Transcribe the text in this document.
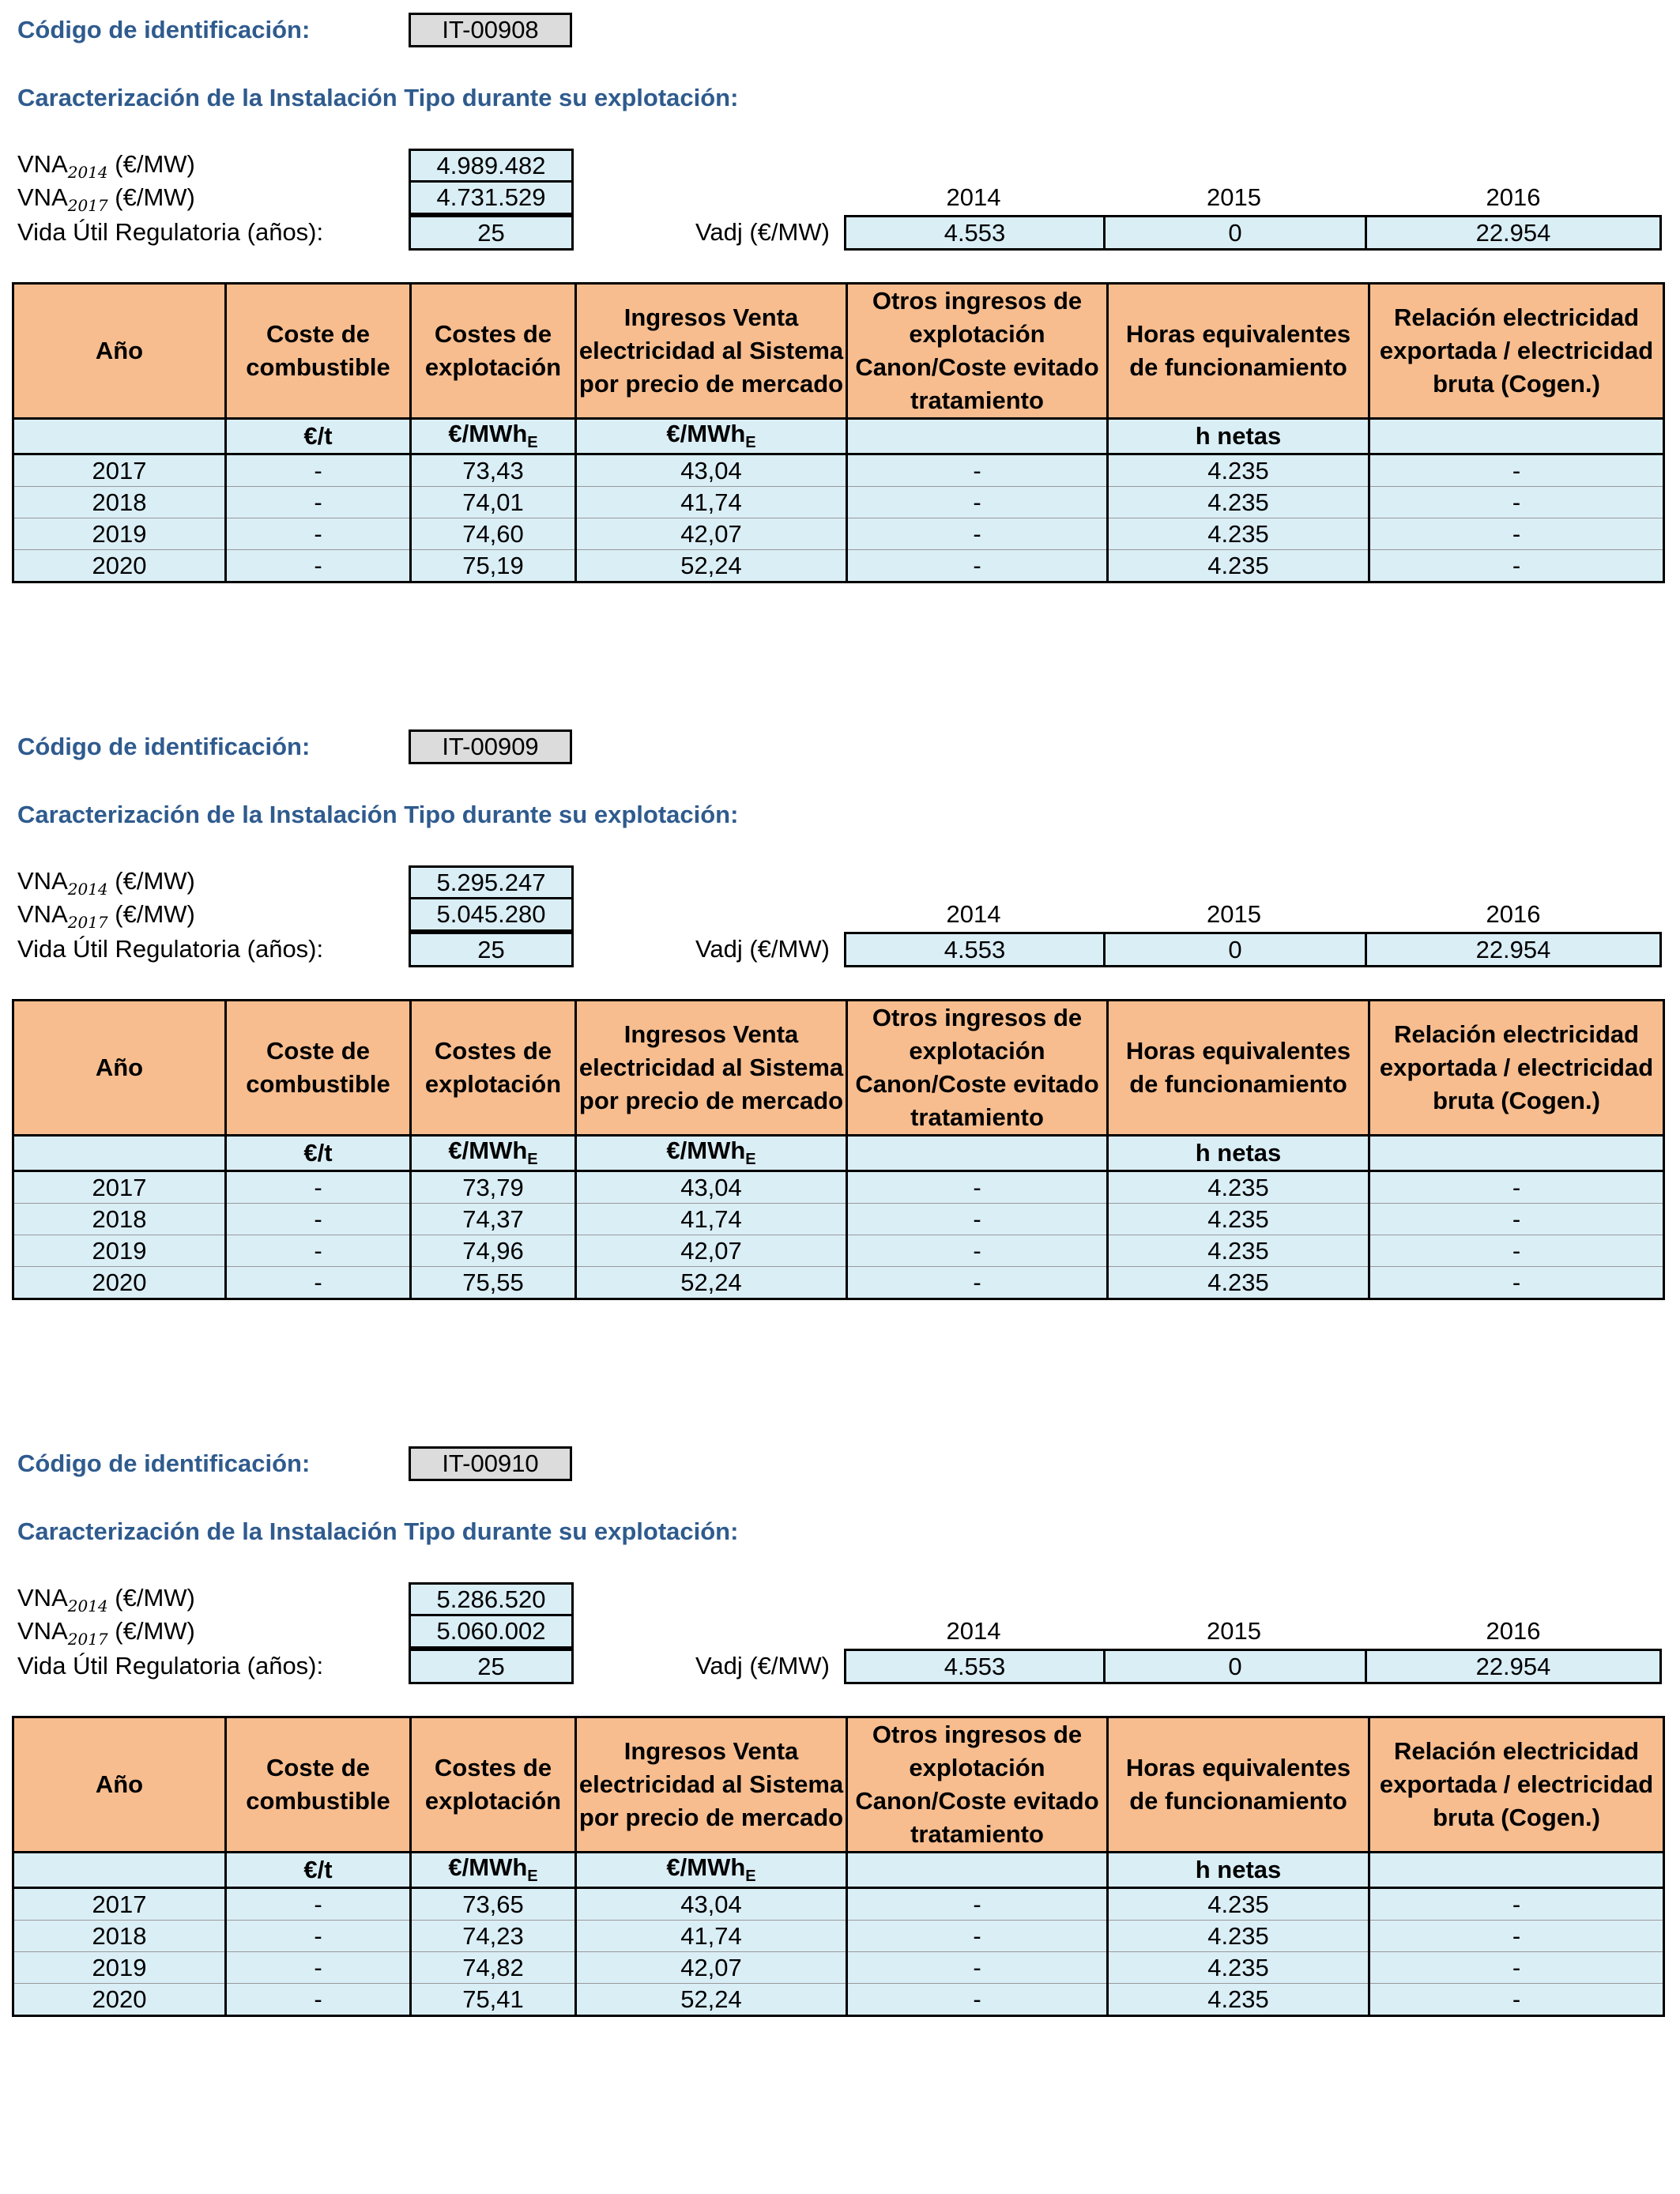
Código de identificación:	IT-00908
Caracterización de la Instalación Tipo durante su explotación:
$VNA_{2014}$ (€/MW)	4.989.482
$VNA_{2017}$ (€/MW)	4.731.529
Vida Útil Regulatoria (años):	25
2014	2015	2016
Vadj (€/MW)	4.553	0	22.954
Año	Coste de combustible	Costes de explotación	Ingresos Venta electricidad al Sistema por precio de mercado	Otros ingresos de explotación Canon/Coste evitado tratamiento	Horas equivalentes de funcionamiento	Relación electricidad exportada / electricidad bruta (Cogen.)
	€/t	€/MWh$_E$	€/MWh$_E$		h netas	
2017	-	73,43	43,04	-	4.235	-
2018	-	74,01	41,74	-	4.235	-
2019	-	74,60	42,07	-	4.235	-
2020	-	75,19	52,24	-	4.235	-
Código de identificación:	IT-00909
Caracterización de la Instalación Tipo durante su explotación:
$VNA_{2014}$ (€/MW)	5.295.247
$VNA_{2017}$ (€/MW)	5.045.280
Vida Útil Regulatoria (años):	25
2014	2015	2016
Vadj (€/MW)	4.553	0	22.954
Año	Coste de combustible	Costes de explotación	Ingresos Venta electricidad al Sistema por precio de mercado	Otros ingresos de explotación Canon/Coste evitado tratamiento	Horas equivalentes de funcionamiento	Relación electricidad exportada / electricidad bruta (Cogen.)
	€/t	€/MWh$_E$	€/MWh$_E$		h netas	
2017	-	73,79	43,04	-	4.235	-
2018	-	74,37	41,74	-	4.235	-
2019	-	74,96	42,07	-	4.235	-
2020	-	75,55	52,24	-	4.235	-
Código de identificación:	IT-00910
Caracterización de la Instalación Tipo durante su explotación:
$VNA_{2014}$ (€/MW)	5.286.520
$VNA_{2017}$ (€/MW)	5.060.002
Vida Útil Regulatoria (años):	25
2014	2015	2016
Vadj (€/MW)	4.553	0	22.954
Año	Coste de combustible	Costes de explotación	Ingresos Venta electricidad al Sistema por precio de mercado	Otros ingresos de explotación Canon/Coste evitado tratamiento	Horas equivalentes de funcionamiento	Relación electricidad exportada / electricidad bruta (Cogen.)
	€/t	€/MWh$_E$	€/MWh$_E$		h netas	
2017	-	73,65	43,04	-	4.235	-
2018	-	74,23	41,74	-	4.235	-
2019	-	74,82	42,07	-	4.235	-
2020	-	75,41	52,24	-	4.235	-
